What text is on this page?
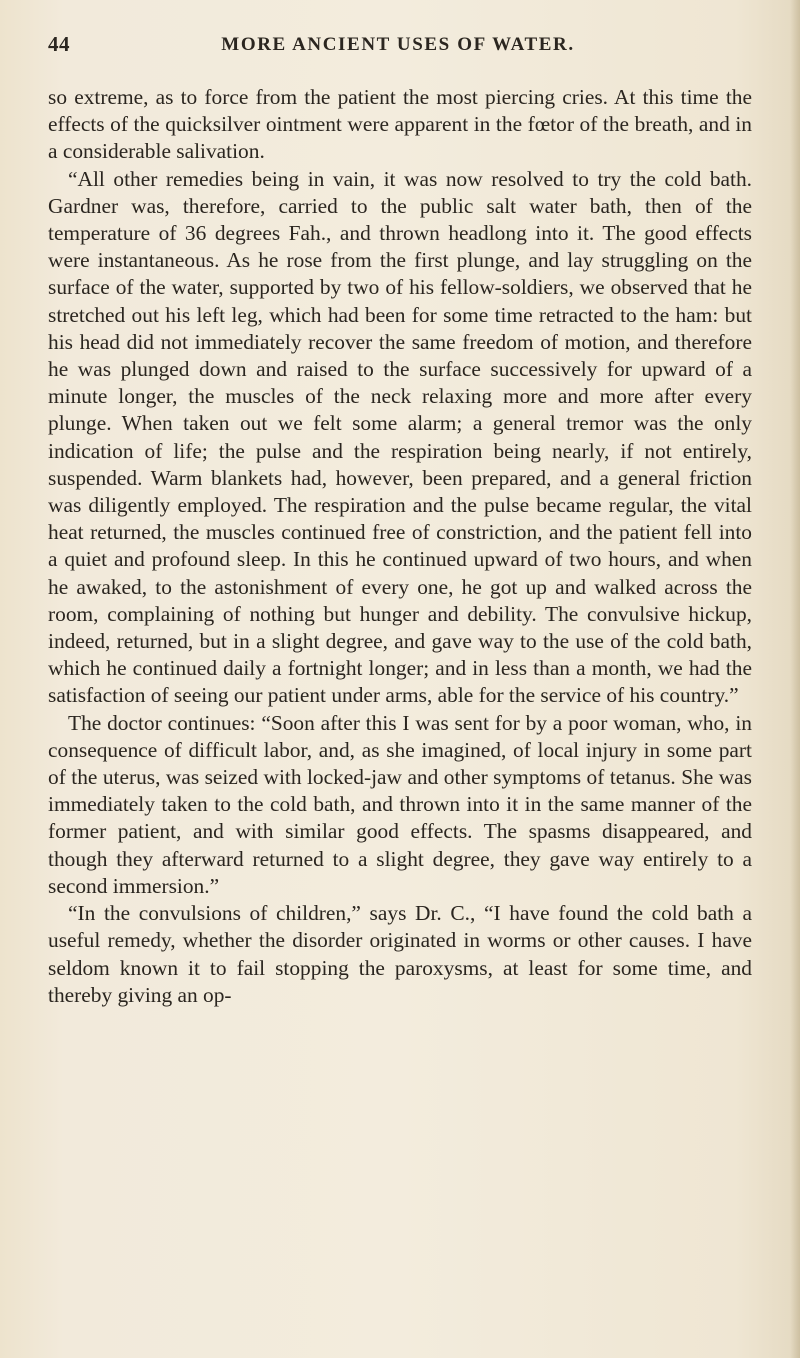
44	MORE ANCIENT USES OF WATER.

so extreme, as to force from the patient the most piercing cries. At this time the effects of the quicksilver ointment were apparent in the fœtor of the breath, and in a considerable salivation.

“All other remedies being in vain, it was now resolved to try the cold bath. Gardner was, therefore, carried to the public salt water bath, then of the temperature of 36 degrees Fah., and thrown headlong into it. The good effects were instantaneous. As he rose from the first plunge, and lay struggling on the surface of the water, supported by two of his fellow-soldiers, we observed that he stretched out his left leg, which had been for some time retracted to the ham: but his head did not immediately recover the same freedom of motion, and therefore he was plunged down and raised to the surface successively for upward of a minute longer, the muscles of the neck relaxing more and more after every plunge. When taken out we felt some alarm; a general tremor was the only indication of life; the pulse and the respiration being nearly, if not entirely, suspended. Warm blankets had, however, been prepared, and a general friction was diligently employed. The respiration and the pulse became regular, the vital heat returned, the muscles continued free of constriction, and the patient fell into a quiet and profound sleep. In this he continued upward of two hours, and when he awaked, to the astonishment of every one, he got up and walked across the room, complaining of nothing but hunger and debility. The convulsive hickup, indeed, returned, but in a slight degree, and gave way to the use of the cold bath, which he continued daily a fortnight longer; and in less than a month, we had the satisfaction of seeing our patient under arms, able for the service of his country.”

The doctor continues: “Soon after this I was sent for by a poor woman, who, in consequence of difficult labor, and, as she imagined, of local injury in some part of the uterus, was seized with locked-jaw and other symptoms of tetanus. She was immediately taken to the cold bath, and thrown into it in the same manner of the former patient, and with similar good effects. The spasms disappeared, and though they afterward returned to a slight degree, they gave way entirely to a second immersion.”

“In the convulsions of children,” says Dr. C., “I have found the cold bath a useful remedy, whether the disorder originated in worms or other causes. I have seldom known it to fail stopping the paroxysms, at least for some time, and thereby giving an op-
